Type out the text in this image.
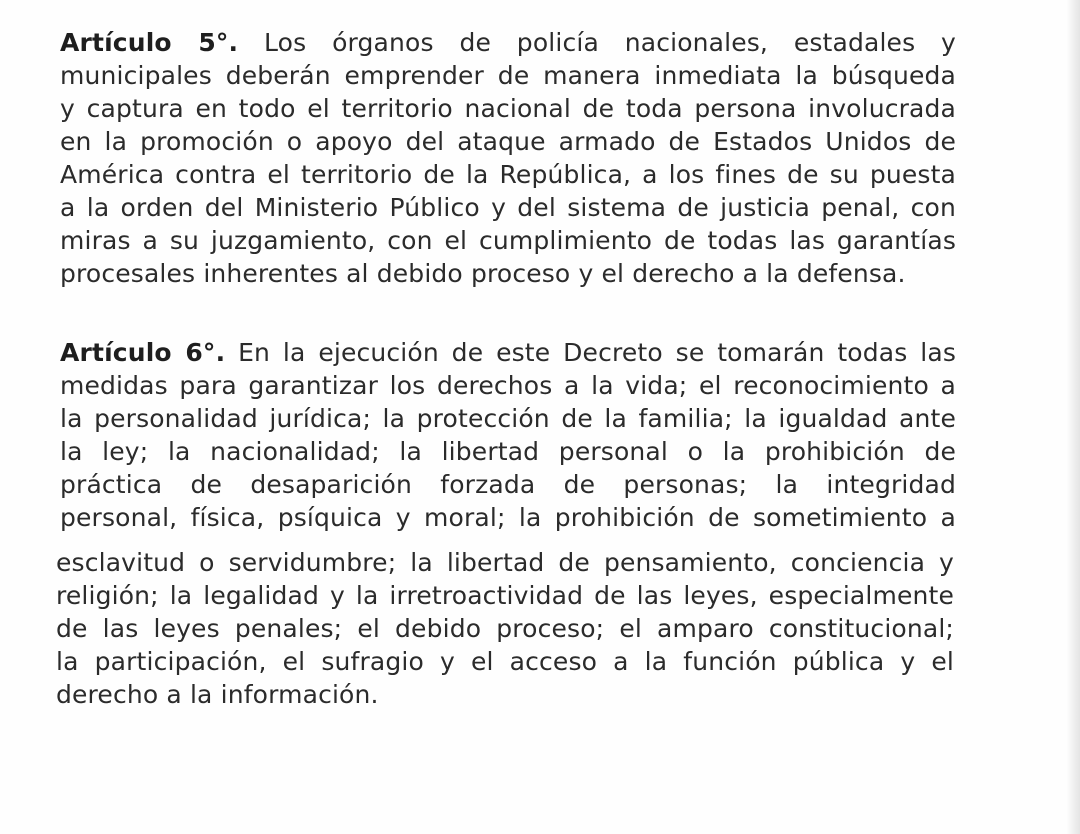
Artículo 5°. Los órganos de policía nacionales, estadales y
municipales deberán emprender de manera inmediata la búsqueda
y captura en todo el territorio nacional de toda persona involucrada
en la promoción o apoyo del ataque armado de Estados Unidos de
América contra el territorio de la República, a los fines de su puesta
a la orden del Ministerio Público y del sistema de justicia penal, con
miras a su juzgamiento, con el cumplimiento de todas las garantías
procesales inherentes al debido proceso y el derecho a la defensa.
Artículo 6°. En la ejecución de este Decreto se tomarán todas las
medidas para garantizar los derechos a la vida; el reconocimiento a
la personalidad jurídica; la protección de la familia; la igualdad ante
la ley; la nacionalidad; la libertad personal o la prohibición de
práctica de desaparición forzada de personas; la integridad
personal, física, psíquica y moral; la prohibición de sometimiento a
esclavitud o servidumbre; la libertad de pensamiento, conciencia y
religión; la legalidad y la irretroactividad de las leyes, especialmente
de las leyes penales; el debido proceso; el amparo constitucional;
la participación, el sufragio y el acceso a la función pública y el
derecho a la información.
